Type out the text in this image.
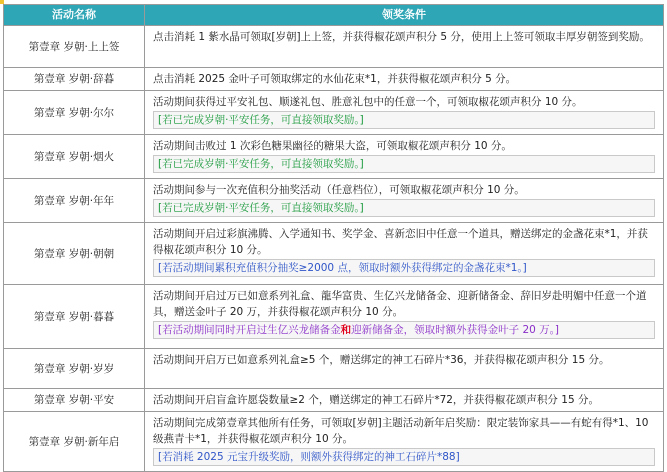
活动名称	领奖条件
第壹章 岁朝·上上签	点击消耗 1 紫水晶可领取[岁朝]上上签，并获得椒花颂声积分 5 分，使用上上签可领取丰厚岁朝签到奖励。

第壹章 岁朝·辞暮	点击消耗 2025 金叶子可领取绑定的水仙花束*1，并获得椒花颂声积分 5 分。

第壹章 岁朝·尔尔	活动期间获得过平安礼包、顺遂礼包、胜意礼包中的任意一个，可领取椒花颂声积分 10 分。
[若已完成岁朝·平安任务，可直接领取奖励。]

第壹章 岁朝·烟火	活动期间击败过 1 次彩色糖果幽径的糖果大盗，可领取椒花颂声积分 10 分。
[若已完成岁朝·平安任务，可直接领取奖励。]

第壹章 岁朝·年年	活动期间参与一次充值积分抽奖活动（任意档位），可领取椒花颂声积分 10 分。
[若已完成岁朝·平安任务，可直接领取奖励。]

第壹章 岁朝·朝朝	活动期间开启过彩旗沸腾、入学通知书、奖学金、喜新恋旧中任意一个道具，赠送绑定的金盏花束*1，并获得椒花颂声积分 10 分。
[若活动期间累积充值积分抽奖≥2000 点，领取时额外获得绑定的金盏花束*1。]

第壹章 岁朝·暮暮	活动期间开启过万已如意系列礼盒、龍华富贵、生亿兴龙储备金、迎新储备金、辞旧岁赴明媚中任意一个道具，赠送金叶子 20 万，并获得椒花颂声积分 10 分。
[若活动期间同时开启过生亿兴龙储备金和迎新储备金，领取时额外获得金叶子 20 万。]

第壹章 岁朝·岁岁	活动期间开启万已如意系列礼盒≥5 个，赠送绑定的神工石碎片*36，并获得椒花颂声积分 15 分。

第壹章 岁朝·平安	活动期间开启盲盒许愿袋数量≥2 个，赠送绑定的神工石碎片*72，并获得椒花颂声积分 15 分。

第壹章 岁朝·新年启	活动期间完成第壹章其他所有任务，可领取[岁朝]主题活动新年启奖励：限定装饰家具——有蛇有得*1、10 级燕青卡*1，并获得椒花颂声积分 10 分。
[若消耗 2025 元宝升级奖励，则额外获得绑定的神工石碎片*88]
